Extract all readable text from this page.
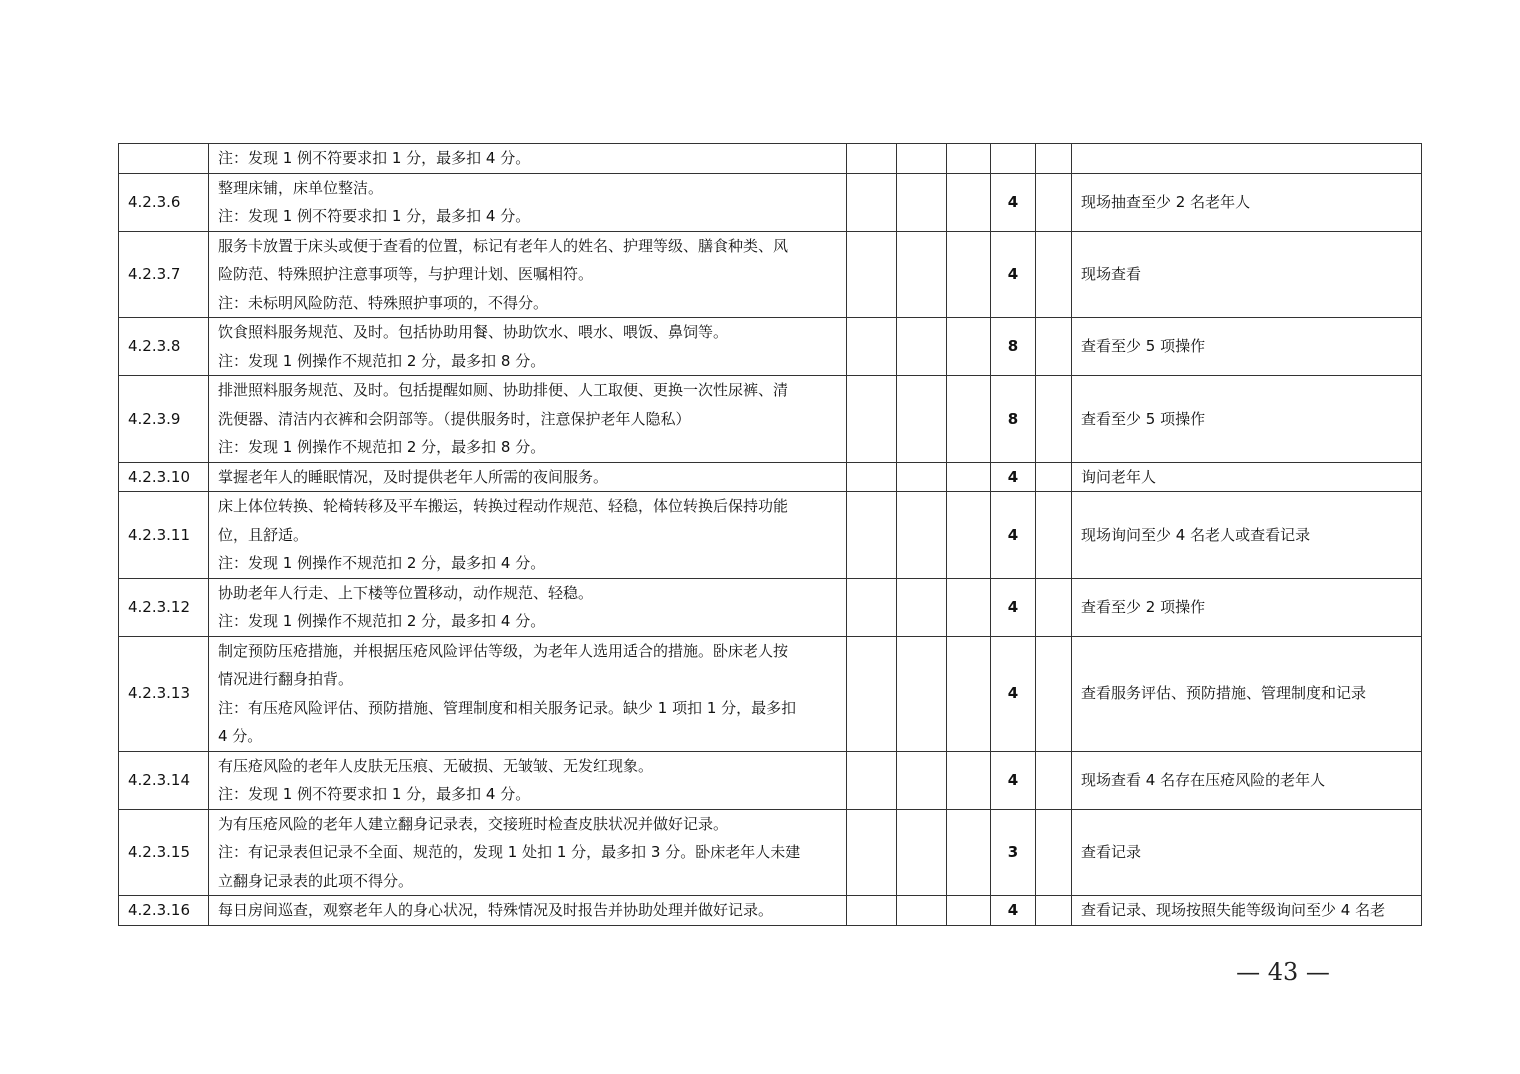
	注：发现 1 例不符要求扣 1 分，最多扣 4 分。						

4.2.3.6	整理床铺，床单位整洁。
注：发现 1 例不符要求扣 1 分，最多扣 4 分。				4		现场抽查至少 2 名老年人
4.2.3.7	服务卡放置于床头或便于查看的位置，标记有老年人的姓名、护理等级、膳食种类、风
险防范、特殊照护注意事项等，与护理计划、医嘱相符。
注：未标明风险防范、特殊照护事项的，不得分。				4		现场查看
4.2.3.8	饮食照料服务规范、及时。包括协助用餐、协助饮水、喂水、喂饭、鼻饲等。
注：发现 1 例操作不规范扣 2 分，最多扣 8 分。				8		查看至少 5 项操作
4.2.3.9	排泄照料服务规范、及时。包括提醒如厕、协助排便、人工取便、更换一次性尿裤、清
洗便器、清洁内衣裤和会阴部等。（提供服务时，注意保护老年人隐私）
注：发现 1 例操作不规范扣 2 分，最多扣 8 分。				8		查看至少 5 项操作
4.2.3.10	掌握老年人的睡眠情况，及时提供老年人所需的夜间服务。				4		询问老年人
4.2.3.11	床上体位转换、轮椅转移及平车搬运，转换过程动作规范、轻稳，体位转换后保持功能
位，且舒适。
注：发现 1 例操作不规范扣 2 分，最多扣 4 分。				4		现场询问至少 4 名老人或查看记录
4.2.3.12	协助老年人行走、上下楼等位置移动，动作规范、轻稳。
注：发现 1 例操作不规范扣 2 分，最多扣 4 分。				4		查看至少 2 项操作
4.2.3.13	制定预防压疮措施，并根据压疮风险评估等级，为老年人选用适合的措施。卧床老人按
情况进行翻身拍背。
注：有压疮风险评估、预防措施、管理制度和相关服务记录。缺少 1 项扣 1 分，最多扣
4 分。				4		查看服务评估、预防措施、管理制度和记录
4.2.3.14	有压疮风险的老年人皮肤无压痕、无破损、无皱皱、无发红现象。
注：发现 1 例不符要求扣 1 分，最多扣 4 分。				4		现场查看 4 名存在压疮风险的老年人
4.2.3.15	为有压疮风险的老年人建立翻身记录表，交接班时检查皮肤状况并做好记录。
注：有记录表但记录不全面、规范的，发现 1 处扣 1 分，最多扣 3 分。卧床老年人未建
立翻身记录表的此项不得分。				3		查看记录
4.2.3.16	每日房间巡查，观察老年人的身心状况，特殊情况及时报告并协助处理并做好记录。				4		查看记录、现场按照失能等级询问至少 4 名老
— 43 —
